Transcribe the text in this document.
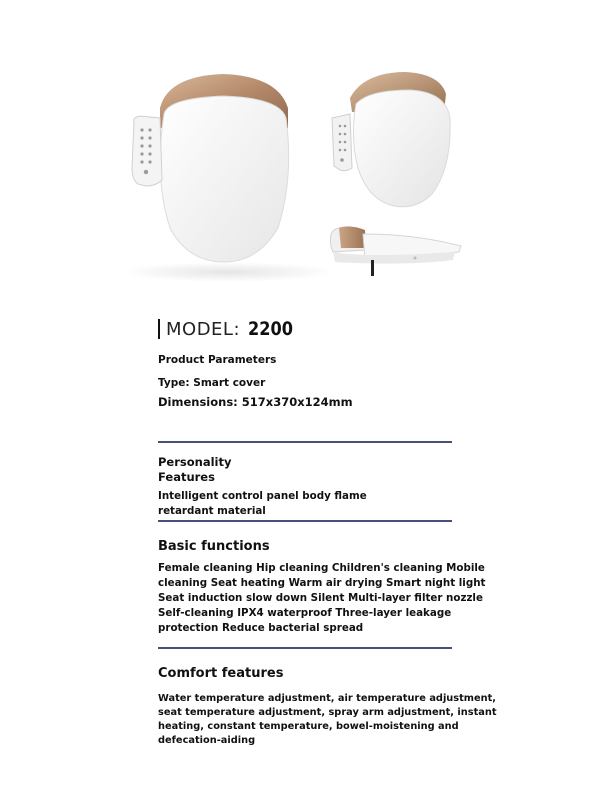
MODEL: 2200
Product Parameters
Type: Smart cover
Dimensions: 517x370x124mm
Personality
Features
Intelligent control panel body flame retardant material
Basic functions
Female cleaning Hip cleaning Children's cleaning Mobile cleaning Seat heating Warm air drying Smart night light Seat induction slow down Silent Multi-layer filter nozzle Self-cleaning IPX4 waterproof Three-layer leakage protection Reduce bacterial spread
Comfort features
Water temperature adjustment, air temperature adjustment, seat temperature adjustment, spray arm adjustment, instant heating, constant temperature, bowel-moistening and defecation-aiding
